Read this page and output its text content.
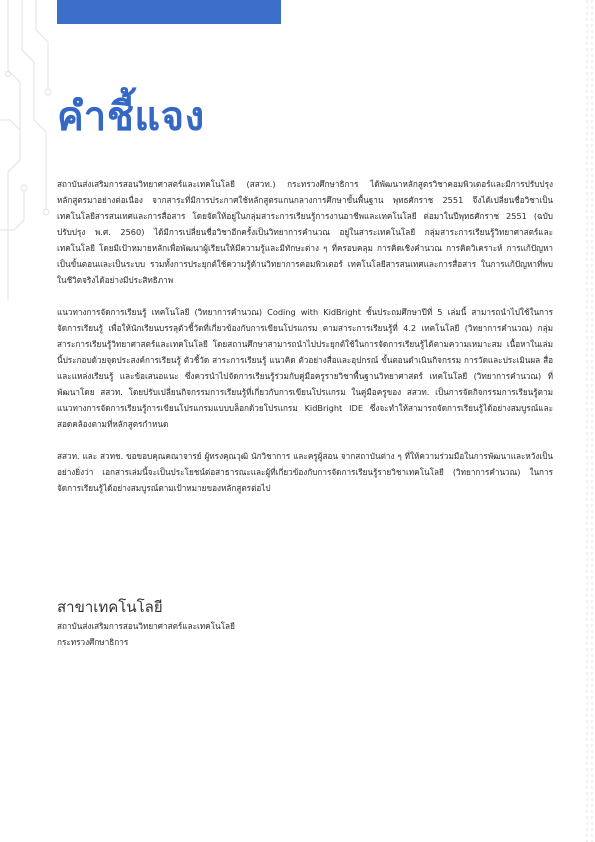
คำชี้แจง

สถาบันส่งเสริมการสอนวิทยาศาสตร์และเทคโนโลยี (สสวท.) กระทรวงศึกษาธิการ ได้พัฒนาหลักสูตรวิชาคอมพิวเตอร์และมีการปรับปรุงหลักสูตรมาอย่างต่อเนื่อง จากสาระที่มีการประกาศใช้หลักสูตรแกนกลางการศึกษาขั้นพื้นฐาน พุทธศักราช 2551 จึงได้เปลี่ยนชื่อวิชาเป็น เทคโนโลยีสารสนเทศและการสื่อสาร โดยจัดให้อยู่ในกลุ่มสาระการเรียนรู้การงานอาชีพและเทคโนโลยี ต่อมาในปีพุทธศักราช 2551 (ฉบับปรับปรุง พ.ศ. 2560) ได้มีการเปลี่ยนชื่อวิชาอีกครั้งเป็นวิทยาการคำนวณ อยู่ในสาระเทคโนโลยี กลุ่มสาระการเรียนรู้วิทยาศาสตร์และเทคโนโลยี โดยมีเป้าหมายหลักเพื่อพัฒนาผู้เรียนให้มีความรู้และมีทักษะต่าง ๆ ที่ครอบคลุม การคิดเชิงคำนวณ การคิดวิเคราะห์ การแก้ปัญหาเป็นขั้นตอนและเป็นระบบ รวมทั้งการประยุกต์ใช้ความรู้ด้านวิทยาการคอมพิวเตอร์ เทคโนโลยีสารสนเทศและการสื่อสาร ในการแก้ปัญหาที่พบในชีวิตจริงได้อย่างมีประสิทธิภาพ

แนวทางการจัดการเรียนรู้ เทคโนโลยี (วิทยาการคำนวณ) Coding with KidBright ชั้นประถมศึกษาปีที่ 5 เล่มนี้ สามารถนำไปใช้ในการจัดการเรียนรู้ เพื่อให้นักเรียนบรรลุตัวชี้วัดที่เกี่ยวข้องกับการเขียนโปรแกรม ตามสาระการเรียนรู้ที่ 4.2 เทคโนโลยี (วิทยาการคำนวณ) กลุ่มสาระการเรียนรู้วิทยาศาสตร์และเทคโนโลยี โดยสถานศึกษาสามารถนำไปประยุกต์ใช้ในการจัดการเรียนรู้ได้ตามความเหมาะสม เนื้อหาในเล่มนี้ประกอบด้วยจุดประสงค์การเรียนรู้ ตัวชี้วัด สาระการเรียนรู้ แนวคิด ตัวอย่างสื่อและอุปกรณ์ ขั้นตอนดำเนินกิจกรรม การวัดและประเมินผล สื่อและแหล่งเรียนรู้ และข้อเสนอแนะ ซึ่งควรนำไปจัดการเรียนรู้ร่วมกับคู่มือครูรายวิชาพื้นฐานวิทยาศาสตร์ เทคโนโลยี (วิทยาการคำนวณ) ที่พัฒนาโดย สสวท. โดยปรับเปลี่ยนกิจกรรมการเรียนรู้ที่เกี่ยวกับการเขียนโปรแกรม ในคู่มือครูของ สสวท. เป็นการจัดกิจกรรมการเรียนรู้ตามแนวทางการจัดการเรียนรู้การเขียนโปรแกรมแบบบล็อกด้วยโปรแกรม KidBright IDE ซึ่งจะทำให้สามารถจัดการเรียนรู้ได้อย่างสมบูรณ์และสอดคล้องตามที่หลักสูตรกำหนด

สสวท. และ สวทช. ขอขอบคุณคณาจารย์ ผู้ทรงคุณวุฒิ นักวิชาการ และครูผู้สอน จากสถาบันต่าง ๆ ที่ให้ความร่วมมือในการพัฒนาและหวังเป็นอย่างยิ่งว่า เอกสารเล่มนี้จะเป็นประโยชน์ต่อสาธารณะและผู้ที่เกี่ยวข้องกับการจัดการเรียนรู้รายวิชาเทคโนโลยี (วิทยาการคำนวณ) ในการจัดการเรียนรู้ได้อย่างสมบูรณ์ตามเป้าหมายของหลักสูตรต่อไป

สาขาเทคโนโลยี

สถาบันส่งเสริมการสอนวิทยาศาสตร์และเทคโนโลยี

กระทรวงศึกษาธิการ
